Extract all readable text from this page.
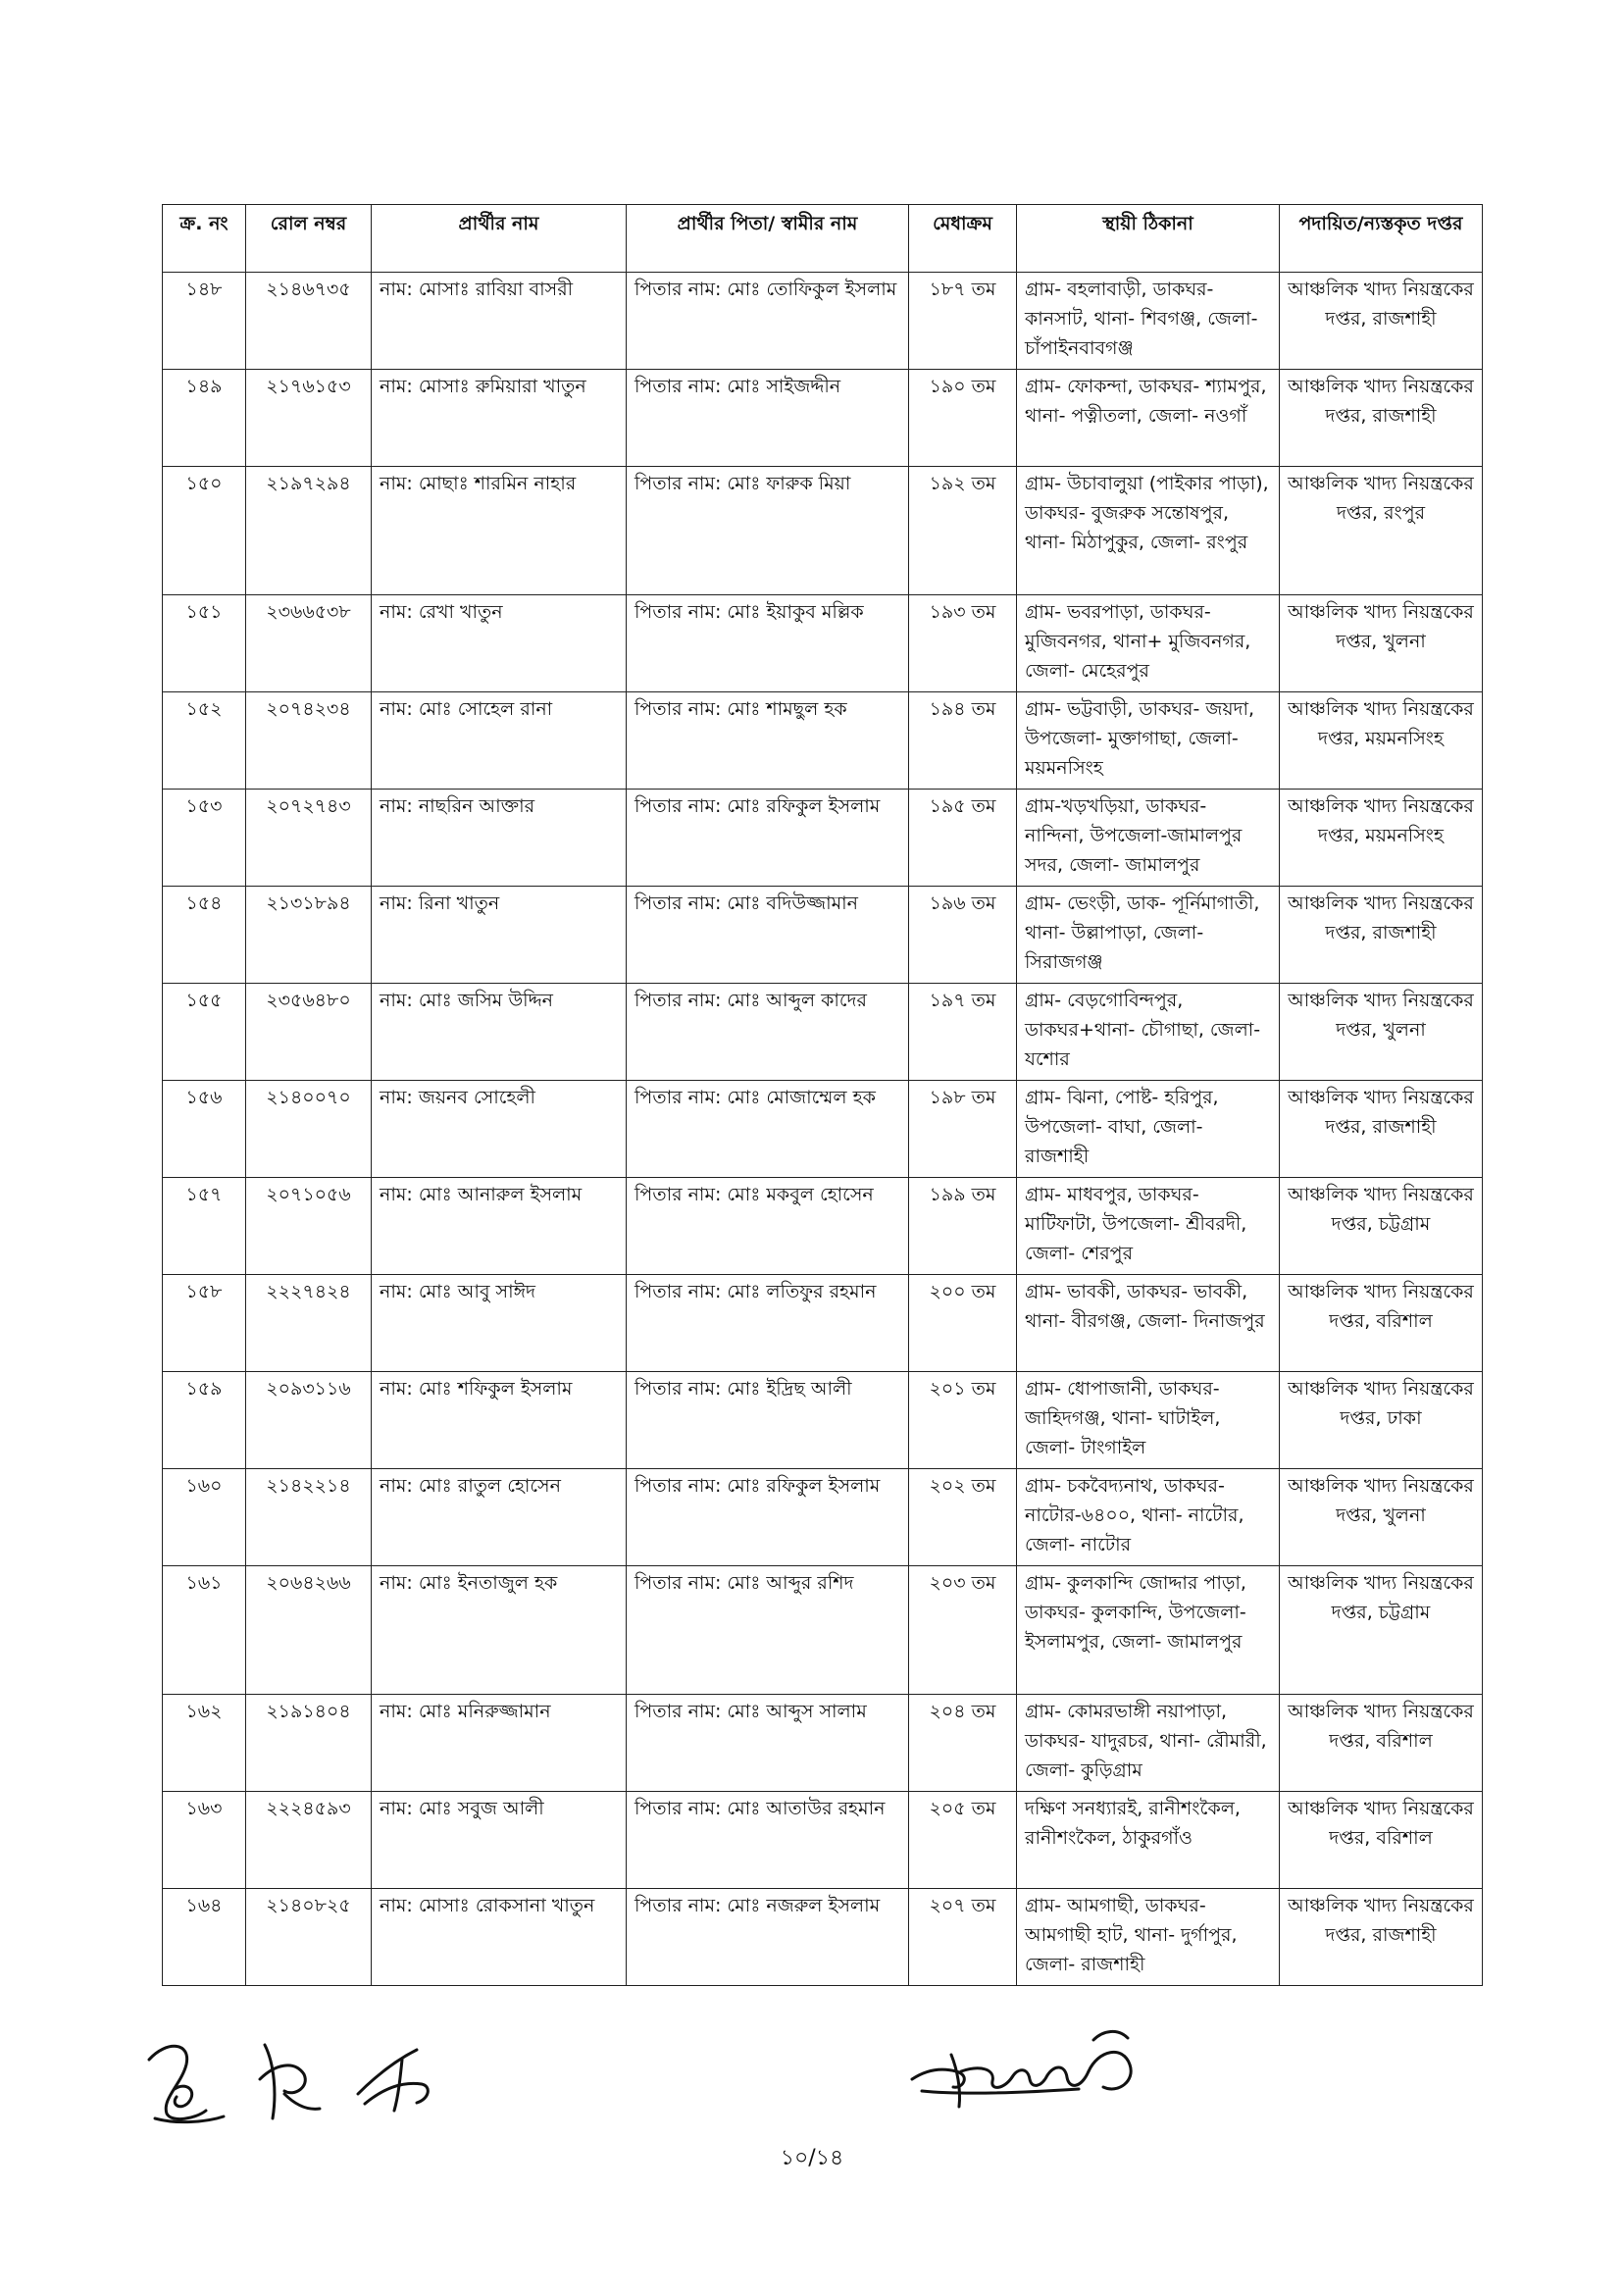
ক্র. নং	রোল নম্বর	প্রার্থীর নাম	প্রার্থীর পিতা/ স্বামীর নাম	মেধাক্রম	স্থায়ী ঠিকানা	পদায়িত/ন্যস্তকৃত দপ্তর
১৪৮	২১৪৬৭৩৫	নাম: মোসাঃ রাবিয়া বাসরী	পিতার নাম: মোঃ তোফিকুল ইসলাম	১৮৭ তম	গ্রাম- বহলাবাড়ী, ডাকঘর- কানসাট, থানা- শিবগঞ্জ, জেলা- চাঁপাইনবাবগঞ্জ	আঞ্চলিক খাদ্য নিয়ন্ত্রকের দপ্তর, রাজশাহী
১৪৯	২১৭৬১৫৩	নাম: মোসাঃ রুমিয়ারা খাতুন	পিতার নাম: মোঃ সাইজদ্দীন	১৯০ তম	গ্রাম- ফোকন্দা, ডাকঘর- শ্যামপুর, থানা- পত্নীতলা, জেলা- নওগাঁ	আঞ্চলিক খাদ্য নিয়ন্ত্রকের দপ্তর, রাজশাহী
১৫০	২১৯৭২৯৪	নাম: মোছাঃ শারমিন নাহার	পিতার নাম: মোঃ ফারুক মিয়া	১৯২ তম	গ্রাম- উচাবালুয়া (পাইকার পাড়া), ডাকঘর- বুজরুক সন্তোষপুর, থানা- মিঠাপুকুর, জেলা- রংপুর	আঞ্চলিক খাদ্য নিয়ন্ত্রকের দপ্তর, রংপুর
১৫১	২৩৬৬৫৩৮	নাম: রেখা খাতুন	পিতার নাম: মোঃ ইয়াকুব মল্লিক	১৯৩ তম	গ্রাম- ভবরপাড়া, ডাকঘর- মুজিবনগর, থানা+ মুজিবনগর, জেলা- মেহেরপুর	আঞ্চলিক খাদ্য নিয়ন্ত্রকের দপ্তর, খুলনা
১৫২	২০৭৪২৩৪	নাম: মোঃ সোহেল রানা	পিতার নাম: মোঃ শামছুল হক	১৯৪ তম	গ্রাম- ভট্টবাড়ী, ডাকঘর- জয়দা, উপজেলা- মুক্তাগাছা, জেলা- ময়মনসিংহ	আঞ্চলিক খাদ্য নিয়ন্ত্রকের দপ্তর, ময়মনসিংহ
১৫৩	২০৭২৭৪৩	নাম: নাছরিন আক্তার	পিতার নাম: মোঃ রফিকুল ইসলাম	১৯৫ তম	গ্রাম-খড়খড়িয়া, ডাকঘর- নান্দিনা, উপজেলা-জামালপুর সদর, জেলা- জামালপুর	আঞ্চলিক খাদ্য নিয়ন্ত্রকের দপ্তর, ময়মনসিংহ
১৫৪	২১৩১৮৯৪	নাম: রিনা খাতুন	পিতার নাম: মোঃ বদিউজ্জামান	১৯৬ তম	গ্রাম- ভেংড়ী, ডাক- পূর্নিমাগাতী, থানা- উল্লাপাড়া, জেলা- সিরাজগঞ্জ	আঞ্চলিক খাদ্য নিয়ন্ত্রকের দপ্তর, রাজশাহী
১৫৫	২৩৫৬৪৮০	নাম: মোঃ জসিম উদ্দিন	পিতার নাম: মোঃ আব্দুল কাদের	১৯৭ তম	গ্রাম- বেড়গোবিন্দপুর, ডাকঘর+থানা- চৌগাছা, জেলা- যশোর	আঞ্চলিক খাদ্য নিয়ন্ত্রকের দপ্তর, খুলনা
১৫৬	২১৪০০৭০	নাম: জয়নব সোহেলী	পিতার নাম: মোঃ মোজাম্মেল হক	১৯৮ তম	গ্রাম- ঝিনা, পোষ্ট- হরিপুর, উপজেলা- বাঘা, জেলা- রাজশাহী	আঞ্চলিক খাদ্য নিয়ন্ত্রকের দপ্তর, রাজশাহী
১৫৭	২০৭১০৫৬	নাম: মোঃ আনারুল ইসলাম	পিতার নাম: মোঃ মকবুল হোসেন	১৯৯ তম	গ্রাম- মাধবপুর, ডাকঘর- মাটিফাটা, উপজেলা- শ্রীবরদী, জেলা- শেরপুর	আঞ্চলিক খাদ্য নিয়ন্ত্রকের দপ্তর, চট্টগ্রাম
১৫৮	২২২৭৪২৪	নাম: মোঃ আবু সাঈদ	পিতার নাম: মোঃ লতিফুর রহমান	২০০ তম	গ্রাম- ভাবকী, ডাকঘর- ভাবকী, থানা- বীরগঞ্জ, জেলা- দিনাজপুর	আঞ্চলিক খাদ্য নিয়ন্ত্রকের দপ্তর, বরিশাল
১৫৯	২০৯৩১১৬	নাম: মোঃ শফিকুল ইসলাম	পিতার নাম: মোঃ ইদ্রিছ আলী	২০১ তম	গ্রাম- ধোপাজানী, ডাকঘর- জাহিদগঞ্জ, থানা- ঘাটাইল, জেলা- টাংগাইল	আঞ্চলিক খাদ্য নিয়ন্ত্রকের দপ্তর, ঢাকা
১৬০	২১৪২২১৪	নাম: মোঃ রাতুল হোসেন	পিতার নাম: মোঃ রফিকুল ইসলাম	২০২ তম	গ্রাম- চকবৈদ্যনাথ, ডাকঘর- নাটোর-৬৪০০, থানা- নাটোর, জেলা- নাটোর	আঞ্চলিক খাদ্য নিয়ন্ত্রকের দপ্তর, খুলনা
১৬১	২০৬৪২৬৬	নাম: মোঃ ইনতাজুল হক	পিতার নাম: মোঃ আব্দুর রশিদ	২০৩ তম	গ্রাম- কুলকান্দি জোদ্দার পাড়া, ডাকঘর- কুলকান্দি, উপজেলা- ইসলামপুর, জেলা- জামালপুর	আঞ্চলিক খাদ্য নিয়ন্ত্রকের দপ্তর, চট্টগ্রাম
১৬২	২১৯১৪০৪	নাম: মোঃ মনিরুজ্জামান	পিতার নাম: মোঃ আব্দুস সালাম	২০৪ তম	গ্রাম- কোমরভাঙ্গী নয়াপাড়া, ডাকঘর- যাদুরচর, থানা- রৌমারী, জেলা- কুড়িগ্রাম	আঞ্চলিক খাদ্য নিয়ন্ত্রকের দপ্তর, বরিশাল
১৬৩	২২২৪৫৯৩	নাম: মোঃ সবুজ আলী	পিতার নাম: মোঃ আতাউর রহমান	২০৫ তম	দক্ষিণ সনধ্যারই, রানীশংকৈল, রানীশংকৈল, ঠাকুরগাঁও	আঞ্চলিক খাদ্য নিয়ন্ত্রকের দপ্তর, বরিশাল
১৬৪	২১৪০৮২৫	নাম: মোসাঃ রোকসানা খাতুন	পিতার নাম: মোঃ নজরুল ইসলাম	২০৭ তম	গ্রাম- আমগাছী, ডাকঘর- আমগাছী হাট, থানা- দুর্গাপুর, জেলা- রাজশাহী	আঞ্চলিক খাদ্য নিয়ন্ত্রকের দপ্তর, রাজশাহী
১০/১৪
